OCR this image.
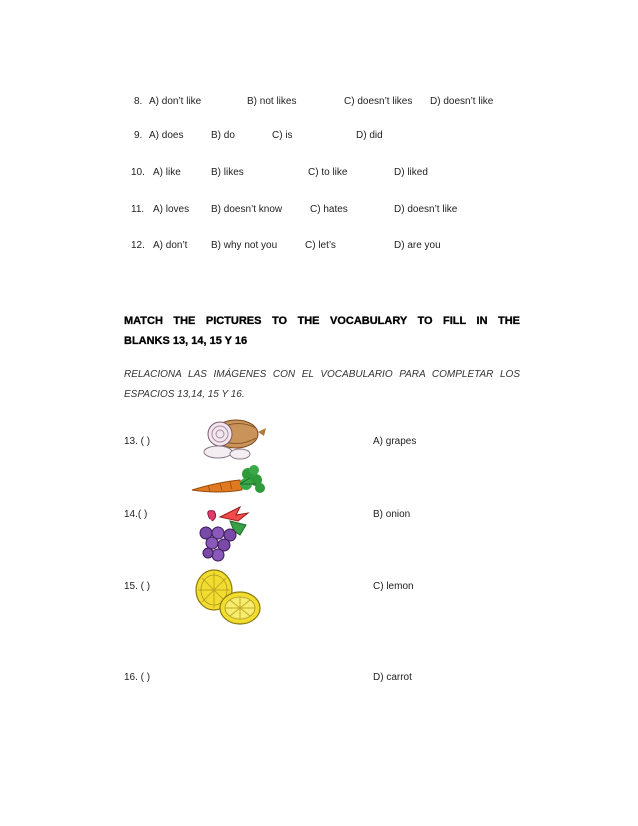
8. A) don’t like	B) not likes	C) doesn’t likes D) doesn’t like
9. A) does	B) do	C) is	D) did
10. A) like	B) likes	C) to like	D) liked
11. A) loves B) doesn’t know	C) hates	D) doesn’t like
12. A) don’t B) why not you	C) let’s	D) are you
MATCH THE PICTURES TO THE VOCABULARY TO FILL IN THE
BLANKS 13, 14, 15 Y 16
RELACIONA LAS IMÁGENES CON EL VOCABULARIO PARA COMPLETAR LOS
ESPACIOS 13,14, 15 Y 16.
13. ( )	A) grapes
14.( )	B) onion
15. ( )	C) lemon
16. ( )	D) carrot
